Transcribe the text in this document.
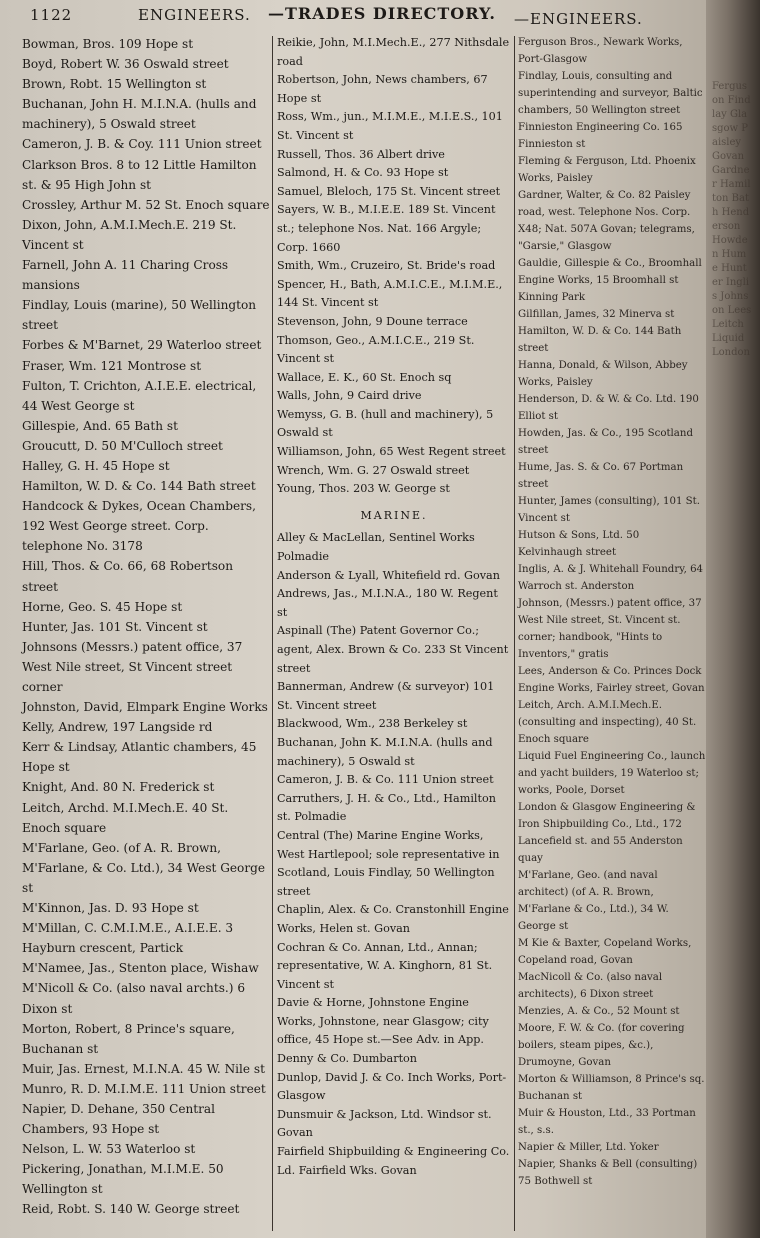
1122	ENGINEERS. —TRADES DIRECTORY. —ENGINEERS.
Bowman, Bros. 109 Hope st
Boyd, Robert W. 36 Oswald street
Brown, Robt. 15 Wellington st
Buchanan, John H. M.I.N.A. (hulls and machinery), 5 Oswald street
Cameron, J. B. & Coy. 111 Union street
Clarkson Bros. 8 to 12 Little Hamilton st. & 95 High John st
Crossley, Arthur M. 52 St. Enoch square
Dixon, John, A.M.I.Mech.E. 219 St. Vincent st
Farnell, John A. 11 Charing Cross mansions
Findlay, Louis (marine), 50 Wellington street
Forbes & M'Barnet, 29 Waterloo street
Fraser, Wm. 121 Montrose st
Fulton, T. Crichton, A.I.E.E. electrical, 44 West George st
Gillespie, And. 65 Bath st
Groucutt, D. 50 M'Culloch street
Halley, G. H. 45 Hope st
Hamilton, W. D. & Co. 144 Bath street
Handcock & Dykes, Ocean Chambers, 192 West George street. Corp. telephone No. 3178
Hill, Thos. & Co. 66, 68 Robertson street
Horne, Geo. S. 45 Hope st
Hunter, Jas. 101 St. Vincent st
Johnsons (Messrs.) patent office, 37 West Nile street, St Vincent street corner
Johnston, David, Elmpark Engine Works
Kelly, Andrew, 197 Langside rd
Kerr & Lindsay, Atlantic chambers, 45 Hope st
Knight, And. 80 N. Frederick st
Leitch, Archd. M.I.Mech.E. 40 St. Enoch square
M'Farlane, Geo. (of A. R. Brown, M'Farlane, & Co. Ltd.), 34 West George st
M'Kinnon, Jas. D. 93 Hope st
M'Millan, C. C.M.I.M.E., A.I.E.E. 3 Hayburn crescent, Partick
M'Namee, Jas., Stenton place, Wishaw
M'Nicoll & Co. (also naval archts.) 6 Dixon st
Morton, Robert, 8 Prince's square, Buchanan st
Muir, Jas. Ernest, M.I.N.A. 45 W. Nile st
Munro, R. D. M.I.M.E. 111 Union street
Napier, D. Dehane, 350 Central Chambers, 93 Hope st
Nelson, L. W. 53 Waterloo st
Pickering, Jonathan, M.I.M.E. 50 Wellington st
Reid, Robt. S. 140 W. George street
Reikie, John, M.I.Mech.E., 277 Nithsdale road
Robertson, John, News chambers, 67 Hope st
Ross, Wm., jun., M.I.M.E., M.I.E.S., 101 St. Vincent st
Russell, Thos. 36 Albert drive
Salmond, H. & Co. 93 Hope st
Samuel, Bleloch, 175 St. Vincent street
Sayers, W. B., M.I.E.E. 189 St. Vincent st.; telephone Nos. Nat. 166 Argyle; Corp. 1660
Smith, Wm., Cruzeiro, St. Bride's road
Spencer, H., Bath, A.M.I.C.E., M.I.M.E., 144 St. Vincent st
Stevenson, John, 9 Doune terrace
Thomson, Geo., A.M.I.C.E., 219 St. Vincent st
Wallace, E. K., 60 St. Enoch sq
Walls, John, 9 Caird drive
Wemyss, G. B. (hull and machinery), 5 Oswald st
Williamson, John, 65 West Regent street
Wrench, Wm. G. 27 Oswald street
Young, Thos. 203 W. George st
MARINE.
Alley & MacLellan, Sentinel Works Polmadie
Anderson & Lyall, Whitefield rd. Govan
Andrews, Jas., M.I.N.A., 180 W. Regent st
Aspinall (The) Patent Governor Co.; agent, Alex. Brown & Co. 233 St Vincent street
Bannerman, Andrew (& surveyor) 101 St. Vincent street
Blackwood, Wm., 238 Berkeley st
Buchanan, John K. M.I.N.A. (hulls and machinery), 5 Oswald st
Cameron, J. B. & Co. 111 Union street
Carruthers, J. H. & Co., Ltd., Hamilton st. Polmadie
Central (The) Marine Engine Works, West Hartlepool; sole representative in Scotland, Louis Findlay, 50 Wellington street
Chaplin, Alex. & Co. Cranstonhill Engine Works, Helen st. Govan
Cochran & Co. Annan, Ltd., Annan; representative, W. A. Kinghorn, 81 St. Vincent st
Davie & Horne, Johnstone Engine Works, Johnstone, near Glasgow; city office, 45 Hope st.—See Adv. in App.
Denny & Co. Dumbarton
Dunlop, David J. & Co. Inch Works, Port-Glasgow
Dunsmuir & Jackson, Ltd. Windsor st. Govan
Fairfield Shipbuilding & Engineering Co. Ld. Fairfield Wks. Govan
Ferguson Bros., Newark Works, Port-Glasgow
Findlay, Louis, consulting and superintending and surveyor, Baltic chambers, 50 Wellington street
Finnieston Engineering Co. 165 Finnieston st
Fleming & Ferguson, Ltd. Phoenix Works, Paisley
Gardner, Walter, & Co. 82 Paisley road, west. Telephone Nos. Corp. X48; Nat. 507A Govan; telegrams, "Garsie," Glasgow
Gauldie, Gillespie & Co., Broomhall Engine Works, 15 Broomhall st Kinning Park
Gilfillan, James, 32 Minerva st
Hamilton, W. D. & Co. 144 Bath street
Hanna, Donald, & Wilson, Abbey Works, Paisley
Henderson, D. & W. & Co. Ltd. 190 Elliot st
Howden, Jas. & Co., 195 Scotland street
Hume, Jas. S. & Co. 67 Portman street
Hunter, James (consulting), 101 St. Vincent st
Hutson & Sons, Ltd. 50 Kelvinhaugh street
Inglis, A. & J. Whitehall Foundry, 64 Warroch st. Anderston
Johnson, (Messrs.) patent office, 37 West Nile street, St. Vincent st. corner; handbook, "Hints to Inventors," gratis
Lees, Anderson & Co. Princes Dock Engine Works, Fairley street, Govan
Leitch, Arch. A.M.I.Mech.E. (consulting and inspecting), 40 St. Enoch square
Liquid Fuel Engineering Co., launch and yacht builders, 19 Waterloo st; works, Poole, Dorset
London & Glasgow Engineering & Iron Shipbuilding Co., Ltd., 172 Lancefield st. and 55 Anderston quay
M'Farlane, Geo. (and naval architect) (of A. R. Brown, M'Farlane & Co., Ltd.), 34 W. George st
M Kie & Baxter, Copeland Works, Copeland road, Govan
MacNicoll & Co. (also naval architects), 6 Dixon street
Menzies, A. & Co., 52 Mount st
Moore, F. W. & Co. (for covering boilers, steam pipes, &c.), Drumoyne, Govan
Morton & Williamson, 8 Prince's sq. Buchanan st
Muir & Houston, Ltd., 33 Portman st., s.s.
Napier & Miller, Ltd. Yoker
Napier, Shanks & Bell (consulting) 75 Bothwell st
Ferguson Findlay Glasgow Paisley Govan Gardner Hamilton Bath Henderson Howden Hume Hunter Inglis Johnson Lees Leitch Liquid London
